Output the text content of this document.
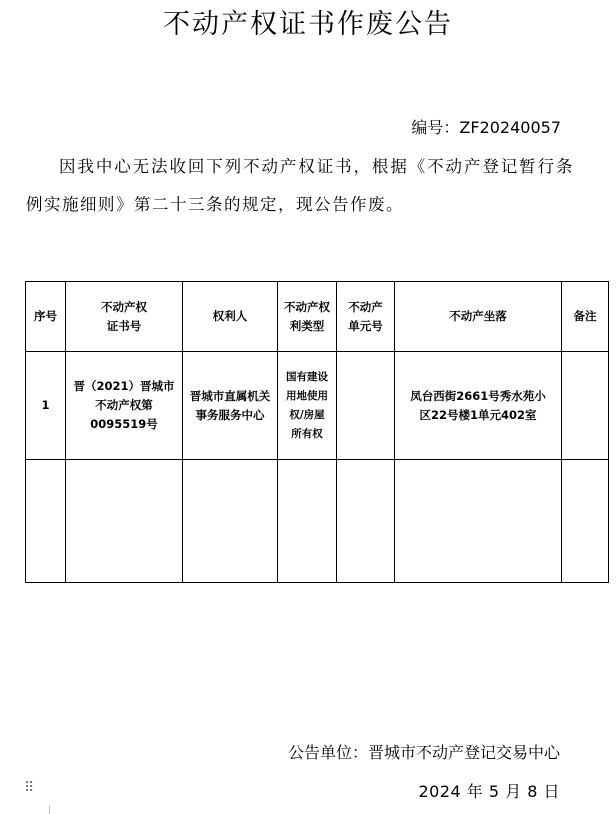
不动产权证书作废公告
编号：ZF20240057
因我中心无法收回下列不动产权证书，根据《不动产登记暂行条例实施细则》第二十三条的规定，现公告作废。
序号	不动产权证书号	权利人	不动产权利类型	不动产单元号	不动产坐落	备注
1	晋（2021）晋城市不动产权第0095519号	晋城市直属机关事务服务中心	国有建设用地使用权/房屋所有权		凤台西街2661号秀水苑小区22号楼1单元402室	

公告单位：晋城市不动产登记交易中心
2024 年 5 月 8 日
⠿
